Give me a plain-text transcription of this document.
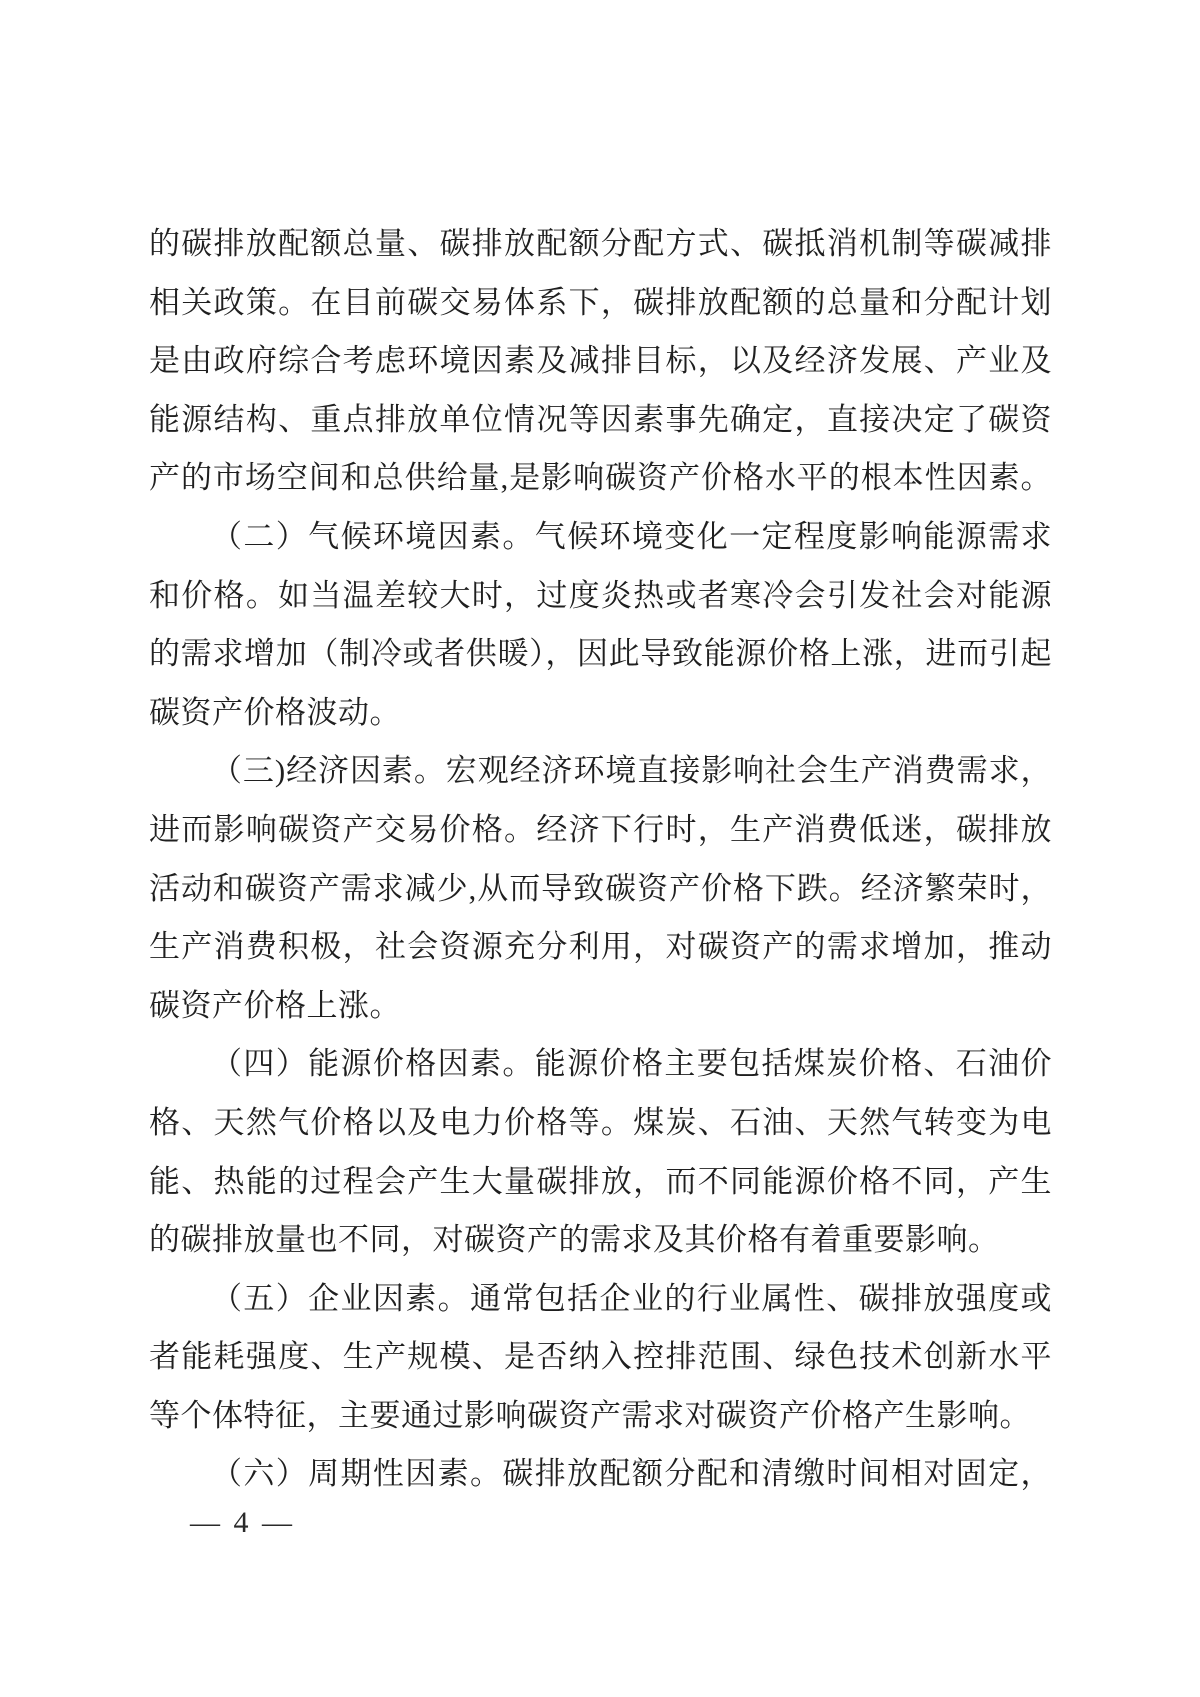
的碳排放配额总量、碳排放配额分配方式、碳抵消机制等碳减排
相关政策。在目前碳交易体系下，碳排放配额的总量和分配计划
是由政府综合考虑环境因素及减排目标，以及经济发展、产业及
能源结构、重点排放单位情况等因素事先确定，直接决定了碳资
产的市场空间和总供给量,是影响碳资产价格水平的根本性因素。
（二）气候环境因素。气候环境变化一定程度影响能源需求
和价格。如当温差较大时，过度炎热或者寒冷会引发社会对能源
的需求增加（制冷或者供暖），因此导致能源价格上涨，进而引起
碳资产价格波动。
（三)经济因素。宏观经济环境直接影响社会生产消费需求，
进而影响碳资产交易价格。经济下行时，生产消费低迷，碳排放
活动和碳资产需求减少,从而导致碳资产价格下跌。经济繁荣时，
生产消费积极，社会资源充分利用，对碳资产的需求增加，推动
碳资产价格上涨。
（四）能源价格因素。能源价格主要包括煤炭价格、石油价
格、天然气价格以及电力价格等。煤炭、石油、天然气转变为电
能、热能的过程会产生大量碳排放，而不同能源价格不同，产生
的碳排放量也不同，对碳资产的需求及其价格有着重要影响。
（五）企业因素。通常包括企业的行业属性、碳排放强度或
者能耗强度、生产规模、是否纳入控排范围、绿色技术创新水平
等个体特征，主要通过影响碳资产需求对碳资产价格产生影响。
（六）周期性因素。碳排放配额分配和清缴时间相对固定，
— 4 —
